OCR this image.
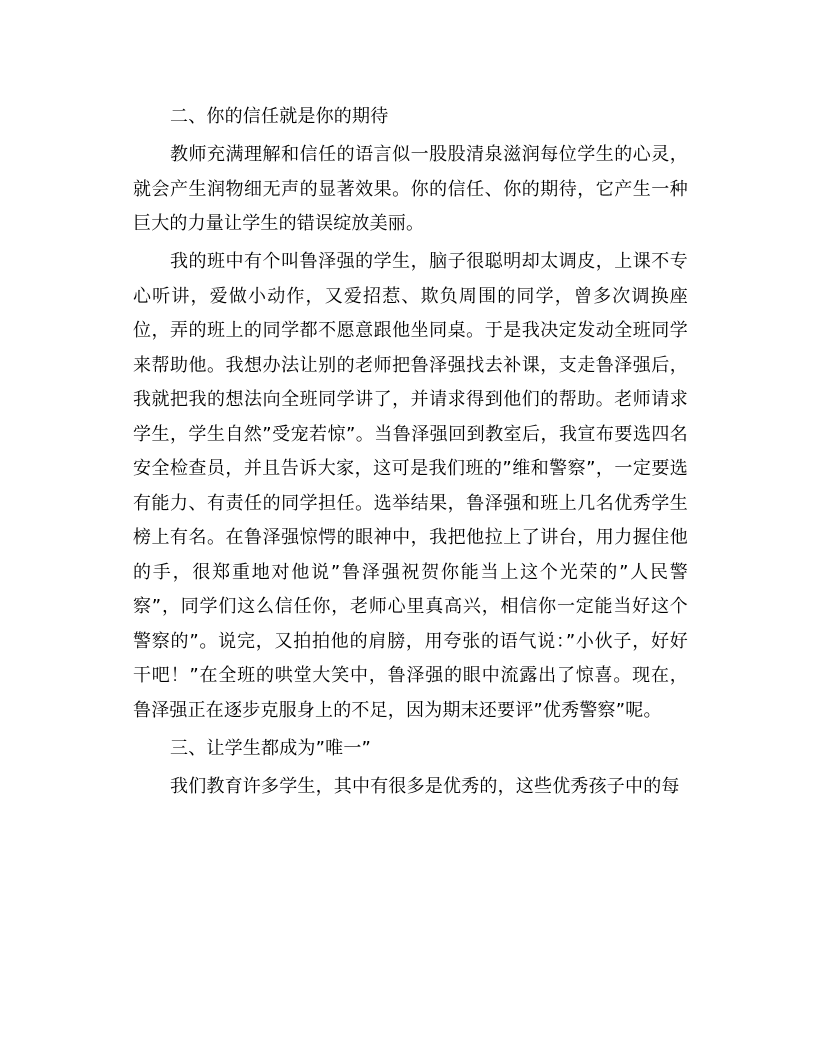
二、你的信任就是你的期待

教师充满理解和信任的语言似一股股清泉滋润每位学生的心灵，就会产生润物细无声的显著效果。你的信任、你的期待，它产生一种巨大的力量让学生的错误绽放美丽。

我的班中有个叫鲁泽强的学生，脑子很聪明却太调皮，上课不专心听讲，爱做小动作，又爱招惹、欺负周围的同学，曾多次调换座位，弄的班上的同学都不愿意跟他坐同桌。于是我决定发动全班同学来帮助他。我想办法让别的老师把鲁泽强找去补课，支走鲁泽强后，我就把我的想法向全班同学讲了，并请求得到他们的帮助。老师请求学生，学生自然”受宠若惊”。当鲁泽强回到教室后，我宣布要选四名安全检查员，并且告诉大家，这可是我们班的”维和警察”，一定要选有能力、有责任的同学担任。选举结果，鲁泽强和班上几名优秀学生榜上有名。在鲁泽强惊愕的眼神中，我把他拉上了讲台，用力握住他的手，很郑重地对他说”鲁泽强祝贺你能当上这个光荣的”人民警察”，同学们这么信任你，老师心里真高兴，相信你一定能当好这个警察的”。说完，又拍拍他的肩膀，用夸张的语气说：”小伙子，好好干吧！”在全班的哄堂大笑中，鲁泽强的眼中流露出了惊喜。现在，鲁泽强正在逐步克服身上的不足，因为期末还要评”优秀警察”呢。

三、让学生都成为”唯一”

我们教育许多学生，其中有很多是优秀的，这些优秀孩子中的每
